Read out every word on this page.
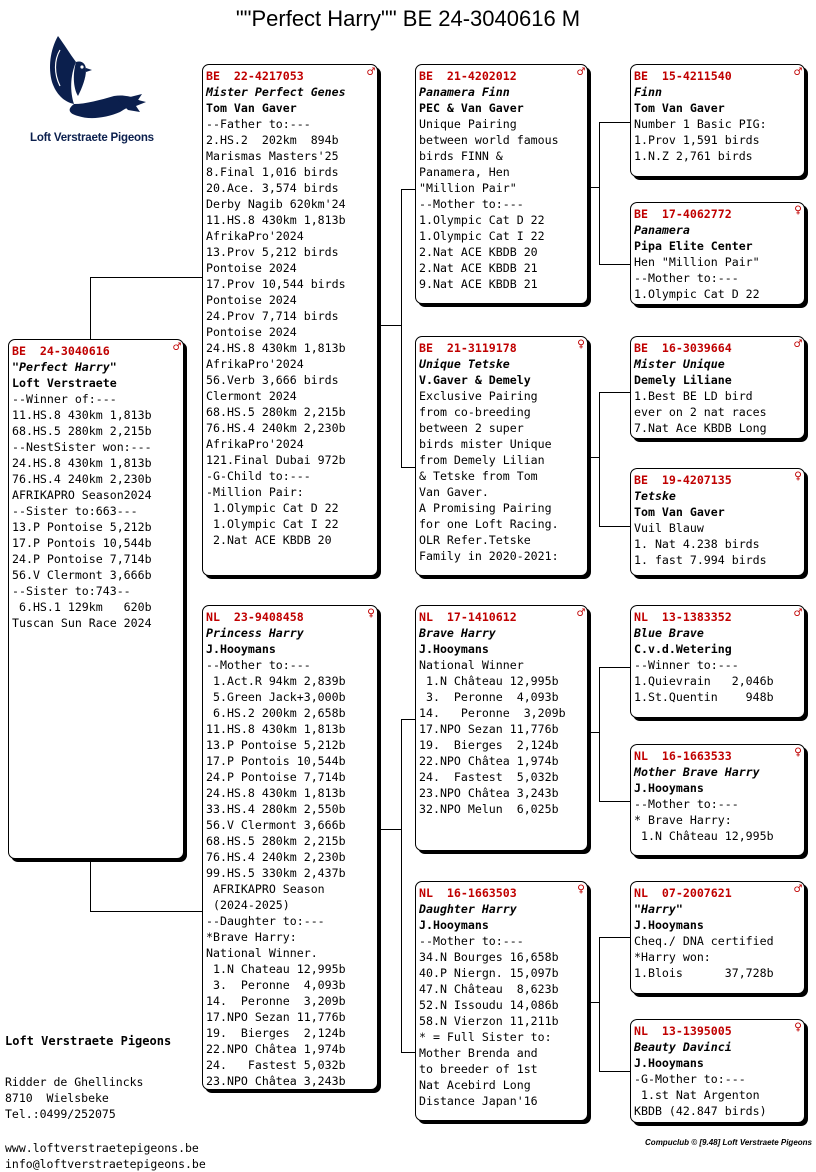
""Perfect Harry"" BE 24-3040616 M
Loft Verstraete Pigeons
BE  24-3040616	♂
"Perfect Harry"
Loft Verstraete
--Winner of:---
11.HS.8 430km 1,813b
68.HS.5 280km 2,215b
--NestSister won:---
24.HS.8 430km 1,813b
76.HS.4 240km 2,230b
AFRIKAPRO Season2024
--Sister to:663---
13.P Pontoise 5,212b
17.P Pontois 10,544b
24.P Pontoise 7,714b
56.V Clermont 3,666b
--Sister to:743--
6.HS.1 129km   620b
Tuscan Sun Race 2024
BE  22-4217053	♂
Mister Perfect Genes
Tom Van Gaver
--Father to:---
2.HS.2  202km  894b
Marismas Masters'25
8.Final 1,016 birds
20.Ace. 3,574 birds
Derby Nagib 620km'24
11.HS.8 430km 1,813b
AfrikaPro'2024
13.Prov 5,212 birds
Pontoise 2024
17.Prov 10,544 birds
Pontoise 2024
24.Prov 7,714 birds
Pontoise 2024
24.HS.8 430km 1,813b
AfrikaPro'2024
56.Verb 3,666 birds
Clermont 2024
68.HS.5 280km 2,215b
76.HS.4 240km 2,230b
AfrikaPro'2024
121.Final Dubai 972b
-G-Child to:---
-Million Pair:
1.Olympic Cat D 22
1.Olympic Cat I 22
2.Nat ACE KBDB 20
NL  23-9408458	♀
Princess Harry
J.Hooymans
--Mother to:---
1.Act.R 94km 2,839b
5.Green Jack+3,000b
6.HS.2 200km 2,658b
11.HS.8 430km 1,813b
13.P Pontoise 5,212b
17.P Pontois 10,544b
24.P Pontoise 7,714b
24.HS.8 430km 1,813b
33.HS.4 280km 2,550b
56.V Clermont 3,666b
68.HS.5 280km 2,215b
76.HS.4 240km 2,230b
99.HS.5 330km 2,437b
AFRIKAPRO Season
(2024-2025)
--Daughter to:---
*Brave Harry:
National Winner.
1.N Chateau 12,995b
3.  Peronne  4,093b
14.  Peronne  3,209b
17.NPO Sezan 11,776b
19.  Bierges  2,124b
22.NPO Châtea 1,974b
24.   Fastest 5,032b
23.NPO Châtea 3,243b
BE  21-4202012	♂
Panamera Finn
PEC & Van Gaver
Unique Pairing
between world famous
birds FINN &
Panamera, Hen
"Million Pair"
--Mother to:---
1.Olympic Cat D 22
1.Olympic Cat I 22
2.Nat ACE KBDB 20
2.Nat ACE KBDB 21
9.Nat ACE KBDB 21
BE  21-3119178	♀
Unique Tetske
V.Gaver & Demely
Exclusive Pairing
from co-breeding
between 2 super
birds mister Unique
from Demely Lilian
& Tetske from Tom
Van Gaver.
A Promising Pairing
for one Loft Racing.
OLR Refer.Tetske
Family in 2020-2021:
NL  17-1410612	♂
Brave Harry
J.Hooymans
National Winner
1.N Château 12,995b
3.  Peronne  4,093b
14.   Peronne  3,209b
17.NPO Sezan 11,776b
19.  Bierges  2,124b
22.NPO Châtea 1,974b
24.  Fastest  5,032b
23.NPO Châtea 3,243b
32.NPO Melun  6,025b
NL  16-1663503	♀
Daughter Harry
J.Hooymans
--Mother to:---
34.N Bourges 16,658b
40.P Niergn. 15,097b
47.N Château  8,623b
52.N Issoudu 14,086b
58.N Vierzon 11,211b
* = Full Sister to:
Mother Brenda and
to breeder of 1st
Nat Acebird Long
Distance Japan'16
BE  15-4211540	♂
Finn
Tom Van Gaver
Number 1 Basic PIG:
1.Prov 1,591 birds
1.N.Z 2,761 birds
BE  17-4062772	♀
Panamera
Pipa Elite Center
Hen "Million Pair"
--Mother to:---
1.Olympic Cat D 22
BE  16-3039664	♂
Mister Unique
Demely Liliane
1.Best BE LD bird
ever on 2 nat races
7.Nat Ace KBDB Long
BE  19-4207135	♀
Tetske
Tom Van Gaver
Vuil Blauw
1. Nat 4.238 birds
1. fast 7.994 birds
NL  13-1383352	♂
Blue Brave
C.v.d.Wetering
--Winner to:---
1.Quievrain   2,046b
1.St.Quentin    948b
NL  16-1663533	♀
Mother Brave Harry
J.Hooymans
--Mother to:---
* Brave Harry:
1.N Château 12,995b
NL  07-2007621	♂
"Harry"
J.Hooymans
Cheq./ DNA certified
*Harry won:
1.Blois      37,728b
NL  13-1395005	♀
Beauty Davinci
J.Hooymans
-G-Mother to:---
1.st Nat Argenton
KBDB (42.847 birds)
Loft Verstraete Pigeons

Ridder de Ghellincks
8710  Wielsbeke
Tel.:0499/252075

www.loftverstraetepigeons.be
info@loftverstraetepigeons.be
Compuclub © [9.48] Loft Verstraete Pigeons
